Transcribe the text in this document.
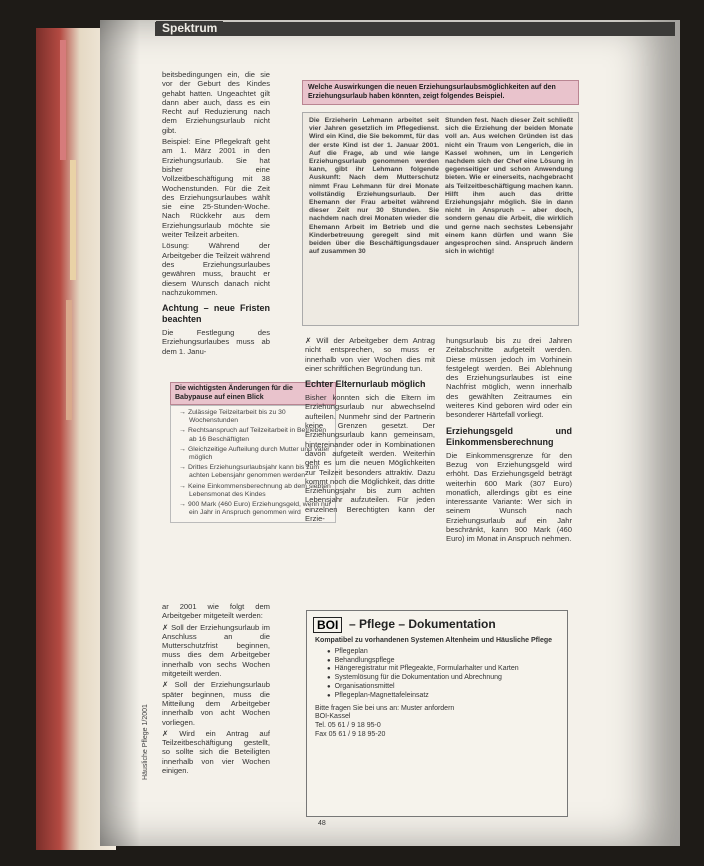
Spektrum

beitsbedingungen ein, die sie vor der Geburt des Kindes gehabt hatten. Ungeachtet gilt dann aber auch, dass es ein Recht auf Reduzierung nach dem Erziehungsurlaub nicht gibt.

Beispiel: Eine Pflegekraft geht am 1. März 2001 in den Erziehungsurlaub. Sie hat bisher eine Vollzeitbeschäftigung mit 38 Wochenstunden. Für die Zeit des Erziehungsurlaubes wählt sie eine 25-Stunden-Woche. Nach Rückkehr aus dem Erziehungsurlaub möchte sie weiter Teilzeit arbeiten.

Lösung: Während der Arbeitgeber die Teilzeit während des Erziehungsurlaubes gewähren muss, braucht er diesem Wunsch danach nicht nachzukommen.

Achtung – neue Fristen beachten

Die Festlegung des Erziehungsurlaubes muss ab dem 1. Janu-

Die wichtigsten Änderungen für die Babypause auf einen Blick
→ Zulässige Teilzeitarbeit bis zu 30 Wochenstunden
→ Rechtsanspruch auf Teilzeitarbeit in Betrieben ab 16 Beschäftigten
→ Gleichzeitige Aufteilung durch Mutter und Vater möglich
→ Drittes Erziehungsurlaubsjahr kann bis zum achten Lebensjahr genommen werden
→ Keine Einkommensberechnung ab dem siebten Lebensmonat des Kindes
→ 900 Mark (460 Euro) Erziehungsgeld, wenn nur ein Jahr in Anspruch genommen wird

ar 2001 wie folgt dem Arbeitgeber mitgeteilt werden:

✗ Soll der Erziehungsurlaub im Anschluss an die Mutterschutzfrist beginnen, muss dies dem Arbeitgeber innerhalb von sechs Wochen mitgeteilt werden.

✗ Soll der Erziehungsurlaub später beginnen, muss die Mitteilung dem Arbeitgeber innerhalb von acht Wochen vorliegen.

✗ Wird ein Antrag auf Teilzeitbeschäftigung gestellt, so sollte sich die Beteiligten innerhalb von vier Wochen einigen.

Welche Auswirkungen die neuen Erziehungsurlaubsmöglichkeiten auf den Erziehungsurlaub haben könnten, zeigt folgendes Beispiel.
Die Erzieherin Lehmann arbeitet seit vier Jahren gesetzlich im Pflegedienst. Wird ein Kind, die Sie bekommt, für das der erste Kind ist der 1. Januar 2001. Auf die Frage, ab und wie lange Erziehungsurlaub genommen werden kann, gibt ihr Lehmann folgende Auskunft: Nach dem Mutterschutz nimmt Frau Lehmann für drei Monate vollständig Erziehungsurlaub. Der Ehemann der Frau arbeitet während dieser Zeit nur 30 Stunden. Sie nachdem nach drei Monaten wieder die Ehemann Arbeit im Betrieb und die Kinderbetreuung geregelt sind mit beiden über die Beschäftigungsdauer auf zusammen 30
Stunden fest. Nach dieser Zeit schließt sich die Erziehung der beiden Monate voll an. Aus welchen Gründen ist das nicht ein Traum von Lengerich, die in Kassel wohnen, um in Lengerich nachdem sich der Chef eine Lösung in gegenseitiger und schon Anwendung bieten. Wie er einerseits, nachgebracht als Teilzeitbeschäftigung machen kann. Hilft ihm auch das dritte Erziehungsjahr möglich. Sie in dann nicht in Anspruch – aber doch, sondern genau die Arbeit, die wirklich und gerne nach sechstes Lebensjahr einem kann dürfen und wann Sie angesprochen sind. Anspruch ändern sich in wichtig!

✗ Will der Arbeitgeber dem Antrag nicht entsprechen, so muss er innerhalb von vier Wochen dies mit einer schriftlichen Begründung tun.

Echter Elternurlaub möglich

Bisher konnten sich die Eltern im Erziehungsurlaub nur abwechselnd aufteilen. Nunmehr sind der Partnerin keine Grenzen gesetzt. Der Erziehungsurlaub kann gemeinsam, hintereinander oder in Kombinationen davon aufgeteilt werden. Weiterhin geht es um die neuen Möglichkeiten zur Teilzeit besonders attraktiv. Dazu kommt noch die Möglichkeit, das dritte Erziehungsjahr bis zum achten Lebensjahr aufzuteilen. Für jeden einzelnen Berechtigten kann der Erzie-

hungsurlaub bis zu drei Jahren Zeitabschnitte aufgeteilt werden. Diese müssen jedoch im Vorhinein festgelegt werden. Bei Ablehnung des Erziehungsurlaubes ist eine Nachfrist möglich, wenn innerhalb des gewählten Zeitraumes ein weiteres Kind geboren wird oder ein besonderer Härtefall vorliegt.

Erziehungsgeld und Einkommensberechnung

Die Einkommensgrenze für den Bezug von Erziehungsgeld wird erhöht. Das Erziehungsgeld beträgt weiterhin 600 Mark (307 Euro) monatlich, allerdings gibt es eine interessante Variante: Wer sich in seinem Wunsch nach Erziehungsurlaub auf ein Jahr beschränkt, kann 900 Mark (460 Euro) im Monat in Anspruch nehmen.

BOI – Pflege – Dokumentation
Kompatibel zu vorhandenen Systemen Altenheim und Häusliche Pflege
● Pflegeplan
● Behandlungspflege
● Hängeregistratur mit Pflegeakte, Formularhalter und Karten
● Systemlösung für die Dokumentation und Abrechnung
● Organisationsmittel
● Pflegeplan-Magnettafeleinsatz
Bitte fragen Sie bei uns an: Muster anfordern
BOI-Kassel
Tel. 05 61 / 9 18 95-0
Fax 05 61 / 9 18 95-20
48
Häusliche Pflege 1/2001
